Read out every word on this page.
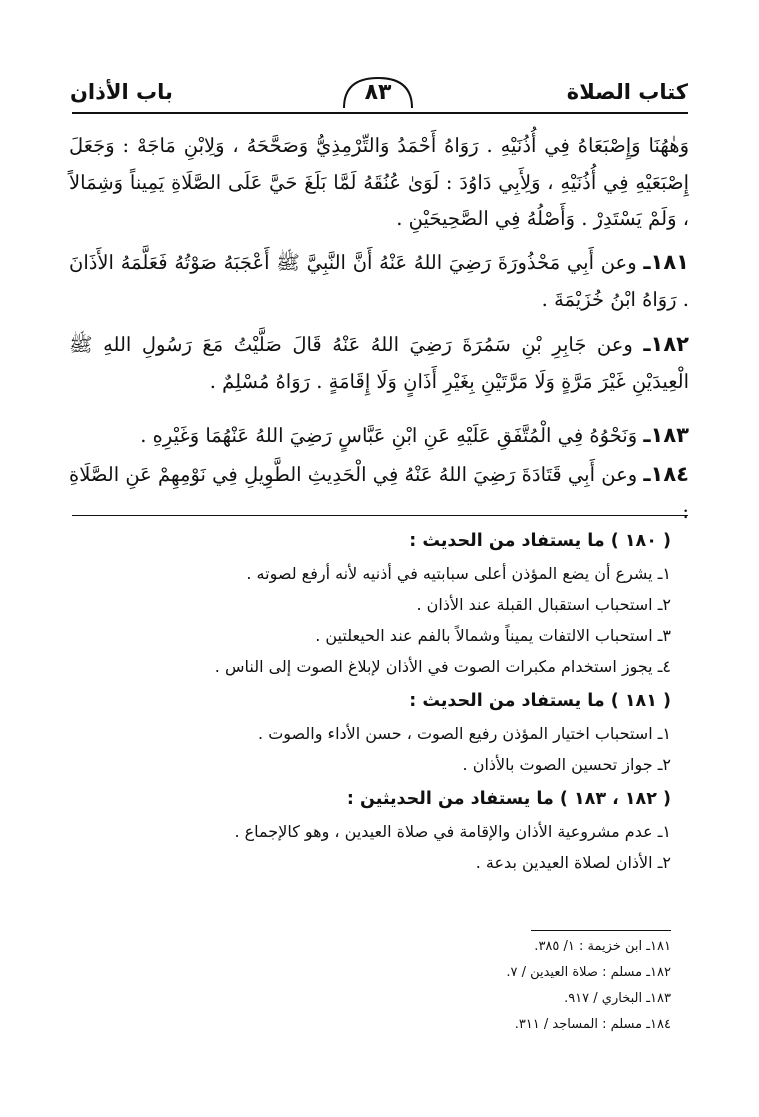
كتاب الصلاة
٨٣
باب الأذان

وَهٰهُنَا وَإِصْبَعَاهُ فِي أُذُنَيْهِ . رَوَاهُ أَحْمَدُ وَالتِّرْمِذِيُّ وَصَحَّحَهُ ، وَلِابْنِ مَاجَهْ : وَجَعَلَ إِصْبَعَيْهِ فِي أُذُنَيْهِ ، وَلِأَبِي دَاوُدَ : لَوَىٰ عُنُقَهُ لَمَّا بَلَغَ حَيَّ عَلَى الصَّلَاةِ يَمِيناً وَشِمَالاً ، وَلَمْ يَسْتَدِرْ . وَأَصْلُهُ فِي الصَّحِيحَيْنِ .

١٨١ـ وعن أَبِي مَحْذُورَةَ رَضِيَ اللهُ عَنْهُ أَنَّ النَّبِيَّ ﷺ أَعْجَبَهُ صَوْتُهُ فَعَلَّمَهُ الأَذَانَ . رَوَاهُ ابْنُ خُزَيْمَةَ .

١٨٢ـ وعن جَابِرِ بْنِ سَمُرَةَ رَضِيَ اللهُ عَنْهُ قَالَ صَلَّيْتُ مَعَ رَسُولِ اللهِ ﷺ الْعِيدَيْنِ غَيْرَ مَرَّةٍ وَلَا مَرَّتَيْنِ بِغَيْرِ أَذَانٍ وَلَا إِقَامَةٍ . رَوَاهُ مُسْلِمٌ .

١٨٣ـ وَنَحْوُهُ فِي الْمُتَّفَقِ عَلَيْهِ عَنِ ابْنِ عَبَّاسٍ رَضِيَ اللهُ عَنْهُمَا وَغَيْرِهِ .

١٨٤ـ وعن أَبِي قَتَادَةَ رَضِيَ اللهُ عَنْهُ فِي الْحَدِيثِ الطَّوِيلِ فِي نَوْمِهِمْ عَنِ الصَّلَاةِ :

( ١٨٠ ) ما يستفاد من الحديث :

١ـ يشرع أن يضع المؤذن أعلى سبابتيه في أذنيه لأنه أرفع لصوته .

٢ـ استحباب استقبال القبلة عند الأذان .

٣ـ استحباب الالتفات يميناً وشمالاً بالفم عند الحيعلتين .

٤ـ يجوز استخدام مكبرات الصوت في الأذان لإبلاغ الصوت إلى الناس .

( ١٨١ ) ما يستفاد من الحديث :

١ـ استحباب اختيار المؤذن رفيع الصوت ، حسن الأداء والصوت .

٢ـ جواز تحسين الصوت بالأذان .

( ١٨٢ ، ١٨٣ ) ما يستفاد من الحديثين :

١ـ عدم مشروعية الأذان والإقامة في صلاة العيدين ، وهو كالإجماع .

٢ـ الأذان لصلاة العيدين بدعة .

١٨١ـ ابن خزيمة : ١/ ٣٨٥.

١٨٢ـ مسلم : صلاة العيدين / ٧.

١٨٣ـ البخاري / ٩١٧.

١٨٤ـ مسلم : المساجد / ٣١١.
